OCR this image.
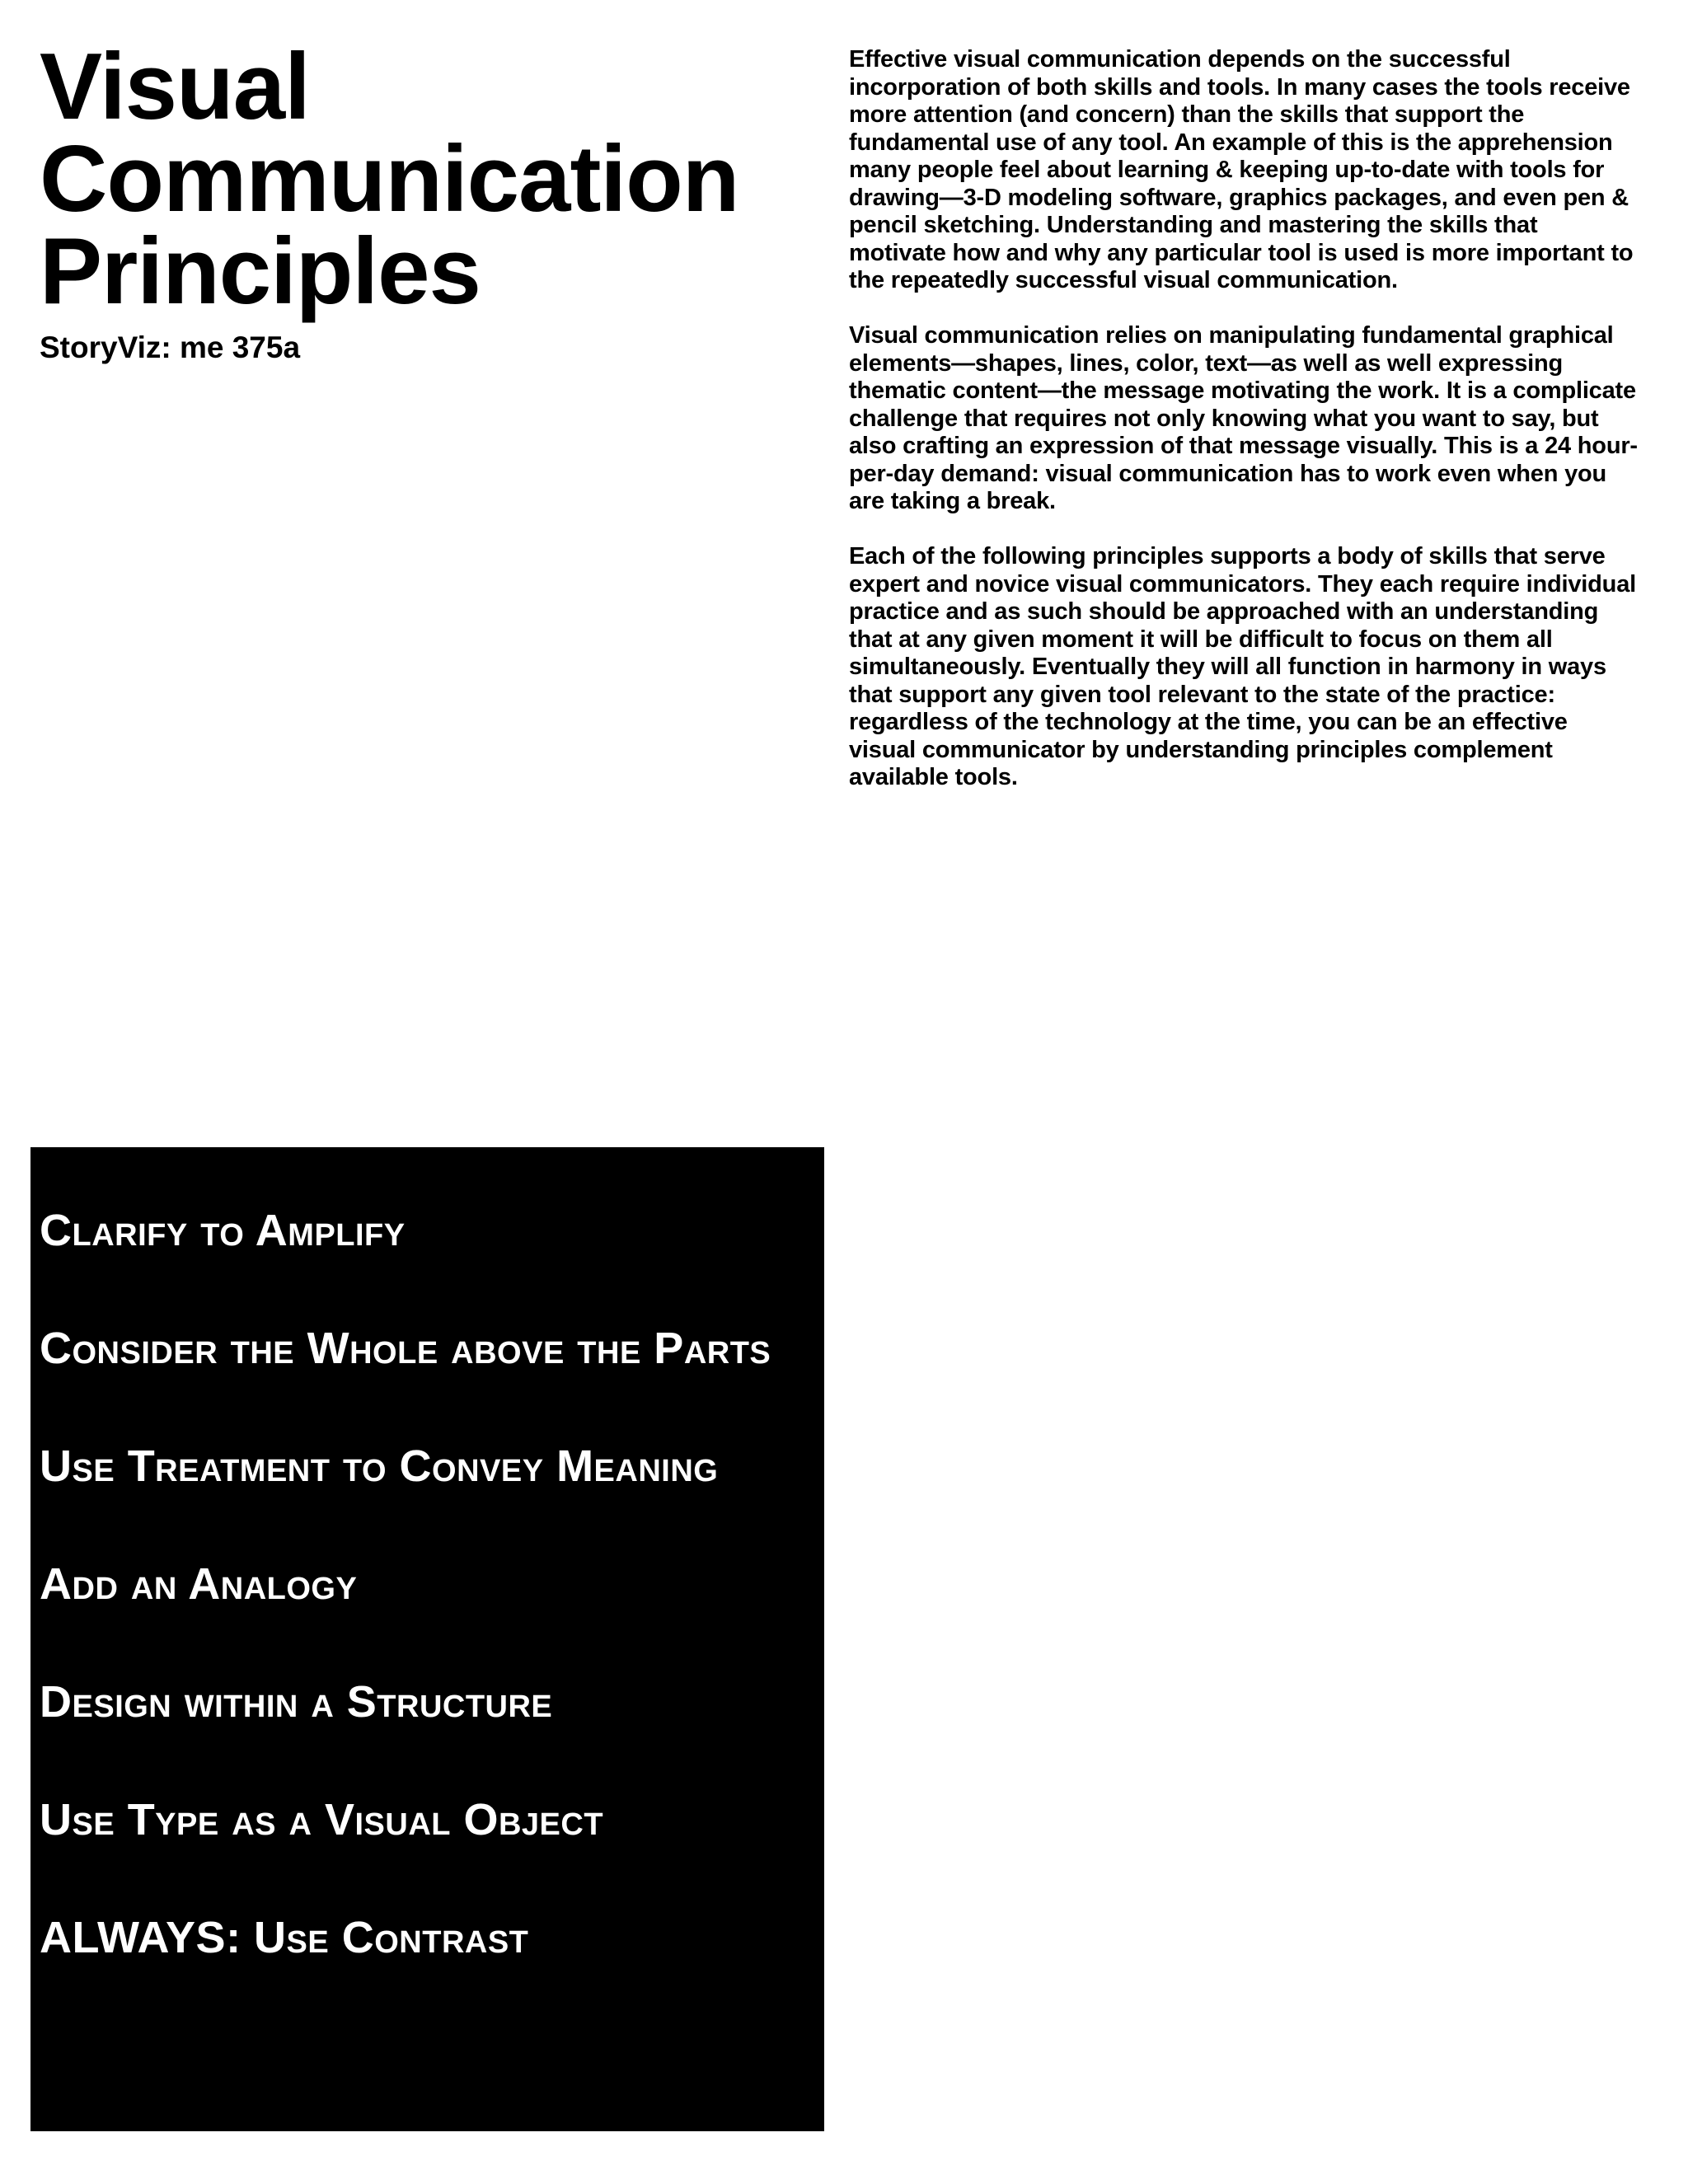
Visual
Communication
Principles
StoryViz: me 375a

Effective visual communication depends on the successful incorporation of both skills and tools. In many cases the tools receive more attention (and concern) than the skills that support the fundamental use of any tool. An example of this is the apprehension many people feel about learning & keeping up-to-date with tools for drawing—3-D modeling software, graphics packages, and even pen & pencil sketching. Understanding and mastering the skills that motivate how and why any particular tool is used is more important to the repeatedly successful visual communication.

Visual communication relies on manipulating fundamental graphical elements—shapes, lines, color, text—as well as well expressing thematic content—the message motivating the work. It is a complicate challenge that requires not only knowing what you want to say, but also crafting an expression of that message visually. This is a 24 hour-per-day demand: visual communication has to work even when you are taking a break.

Each of the following principles supports a body of skills that serve expert and novice visual communicators. They each require individual practice and as such should be approached with an understanding that at any given moment it will be difficult to focus on them all simultaneously. Eventually they will all function in harmony in ways that support any given tool relevant to the state of the practice: regardless of the technology at the time, you can be an effective visual communicator by understanding principles complement available tools.

Clarify to Amplify
Consider the Whole above the Parts
Use Treatment to Convey Meaning
Add an Analogy
Design within a Structure
Use Type as a Visual Object
ALWAYS: Use Contrast
